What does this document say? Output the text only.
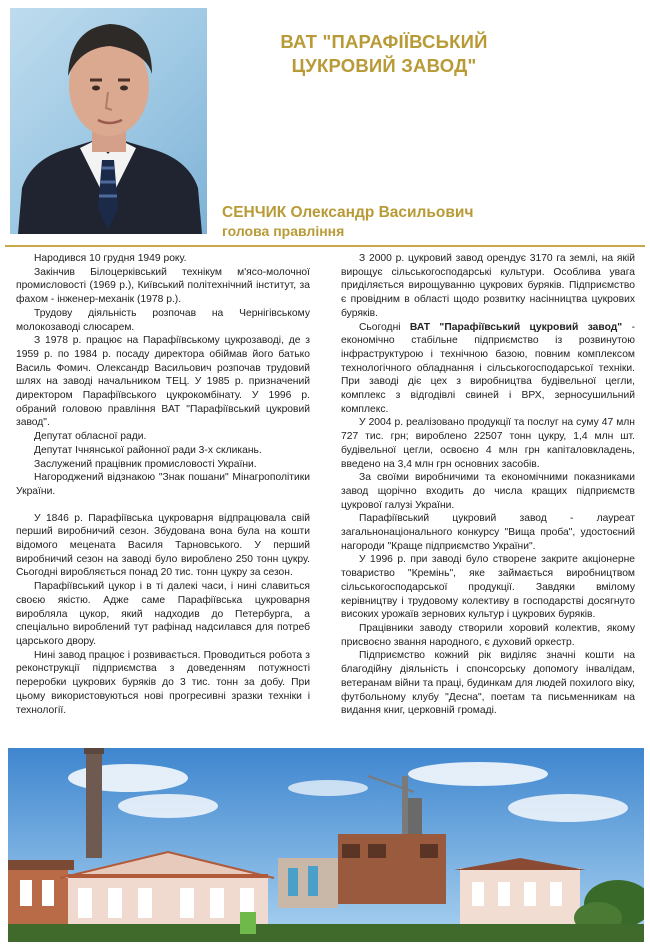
ВАТ "ПАРАФІЇВСЬКИЙ
ЦУКРОВИЙ ЗАВОД"
СЕНЧИК Олександр Васильович
голова правління

Народився 10 грудня 1949 року.

Закінчив Білоцерківський технікум м'ясо-молочної промисловості (1969 р.), Київський політехнічний інститут, за фахом - інженер-механік (1978 р.).

Трудову діяльність розпочав на Чернігівському молокозаводі слюсарем.

З 1978 р. працює на Парафіївському цукрозаводі, де з 1959 р. по 1984 р. посаду директора обіймав його батько Василь Фомич. Олександр Васильович розпочав трудовий шлях на заводі начальником ТЕЦ. У 1985 р. призначений директором Парафіївського цукрокомбінату. У 1996 р. обраний головою правління ВАТ "Парафіївський цукровий завод".

Депутат обласної ради.

Депутат Ічнянської районної ради 3-х скликань.

Заслужений працівник промисловості України.

Нагороджений відзнакою "Знак пошани" Мінагрополітики України.

У 1846 р. Парафіївська цукроварня відпрацювала свій перший виробничий сезон. Збудована вона була на кошти відомого мецената Василя Тарновського. У перший виробничий сезон на заводі було вироблено 250 тонн цукру. Сьогодні виробляється понад 20 тис. тонн цукру за сезон.

Парафіївський цукор і в ті далекі часи, і нині славиться своєю якістю. Адже саме Парафіївська цукроварня виробляла цукор, який надходив до Петербурга, а спеціально вироблений тут рафінад надсилався для потреб царського двору.

Нині завод працює і розвивається. Проводиться робота з реконструкції підприємства з доведенням потужності переробки цукрових буряків до 3 тис. тонн за добу. При цьому використовуються нові прогресивні зразки техніки і технології.

З 2000 р. цукровий завод орендує 3170 га землі, на якій вирощує сільськогосподарські культури. Особлива увага приділяється вирощуванню цукрових буряків. Підприємство є провідним в області щодо розвитку насінництва цукрових буряків.

Сьогодні ВАТ "Парафіївський цукровий завод" - економічно стабільне підприємство із розвинутою інфраструктурою і технічною базою, повним комплексом технологічного обладнання і сільськогосподарської техніки. При заводі діє цех з виробництва будівельної цегли, комплекс з відгодівлі свиней і ВРХ, зерносушильний комплекс.

У 2004 р. реалізовано продукції та послуг на суму 47 млн 727 тис. грн; вироблено 22507 тонн цукру, 1,4 млн шт. будівельної цегли, освоєно 4 млн грн капіталовкладень, введено на 3,4 млн грн основних засобів.

За своїми виробничими та економічними показниками завод щорічно входить до числа кращих підприємств цукрової галузі України.

Парафіївський цукровий завод - лауреат загальнонаціонального конкурсу "Вища проба", удостоєний нагороди "Краще підприємство України".

У 1996 р. при заводі було створене закрите акціонерне товариство "Кремінь", яке займається виробництвом сільськогосподарської продукції. Завдяки вмілому керівництву і трудовому колективу в господарстві досягнуто високих урожаїв зернових культур і цукрових буряків.

Працівники заводу створили хоровий колектив, якому присвоєно звання народного, є духовий оркестр.

Підприємство кожний рік виділяє значні кошти на благодійну діяльність і спонсорську допомогу інвалідам, ветеранам війни та праці, будинкам для людей похилого віку, футбольному клубу "Десна", поетам та письменникам на видання книг, церковній громаді.
